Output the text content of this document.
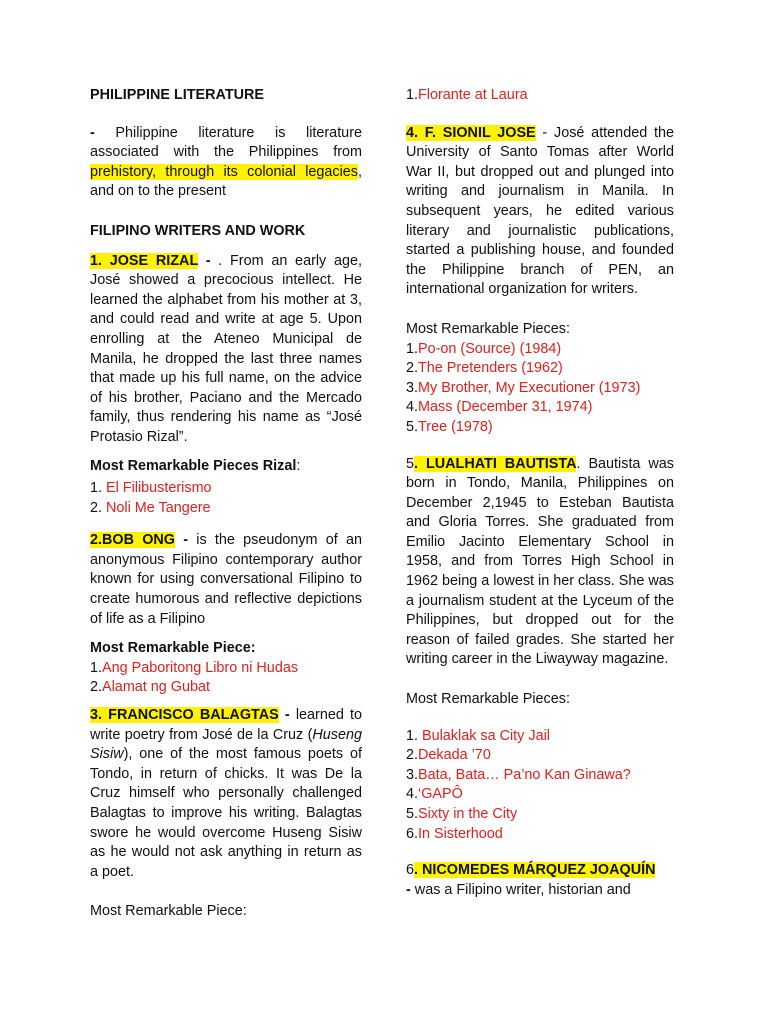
PHILIPPINE LITERATURE

- Philippine literature is literature associated with the Philippines from prehistory, through its colonial legacies, and on to the present

FILIPINO WRITERS AND WORK

1. JOSE RIZAL - . From an early age, José showed a precocious intellect. He learned the alphabet from his mother at 3, and could read and write at age 5. Upon enrolling at the Ateneo Municipal de Manila, he dropped the last three names that made up his full name, on the advice of his brother, Paciano and the Mercado family, thus rendering his name as “José Protasio Rizal”.

Most Remarkable Pieces Rizal:

1. El Filibusterismo
2. Noli Me Tangere

2.BOB ONG - is the pseudonym of an anonymous Filipino contemporary author known for using conversational Filipino to create humorous and reflective depictions of life as a Filipino

Most Remarkable Piece:

1.Ang Paboritong Libro ni Hudas
2.Alamat ng Gubat

3. FRANCISCO BALAGTAS - learned to write poetry from José de la Cruz (Huseng Sisiw), one of the most famous poets of Tondo, in return of chicks. It was De la Cruz himself who personally challenged Balagtas to improve his writing. Balagtas swore he would overcome Huseng Sisiw as he would not ask anything in return as a poet.

Most Remarkable Piece:

1.Florante at Laura

4. F. SIONIL JOSE - José attended the University of Santo Tomas after World War II, but dropped out and plunged into writing and journalism in Manila. In subsequent years, he edited various literary and journalistic publications, started a publishing house, and founded the Philippine branch of PEN, an international organization for writers.

Most Remarkable Pieces:

1.Po-on (Source) (1984)
2.The Pretenders (1962)
3.My Brother, My Executioner (1973)
4.Mass (December 31, 1974)
5.Tree (1978)

5. LUALHATI BAUTISTA. Bautista was born in Tondo, Manila, Philippines on December 2,1945 to Esteban Bautista and Gloria Torres. She graduated from Emilio Jacinto Elementary School in 1958, and from Torres High School in 1962 being a lowest in her class. She was a journalism student at the Lyceum of the Philippines, but dropped out for the reason of failed grades. She started her writing career in the Liwayway magazine.

Most Remarkable Pieces:

1. Bulaklak sa City Jail
2.Dekada ’70
3.Bata, Bata… Pa’no Kan Ginawa?
4.‘GAPÔ
5.Sixty in the City
6.In Sisterhood

6. NICOMEDES MÁRQUEZ JOAQUÍN

- was a Filipino writer, historian and
